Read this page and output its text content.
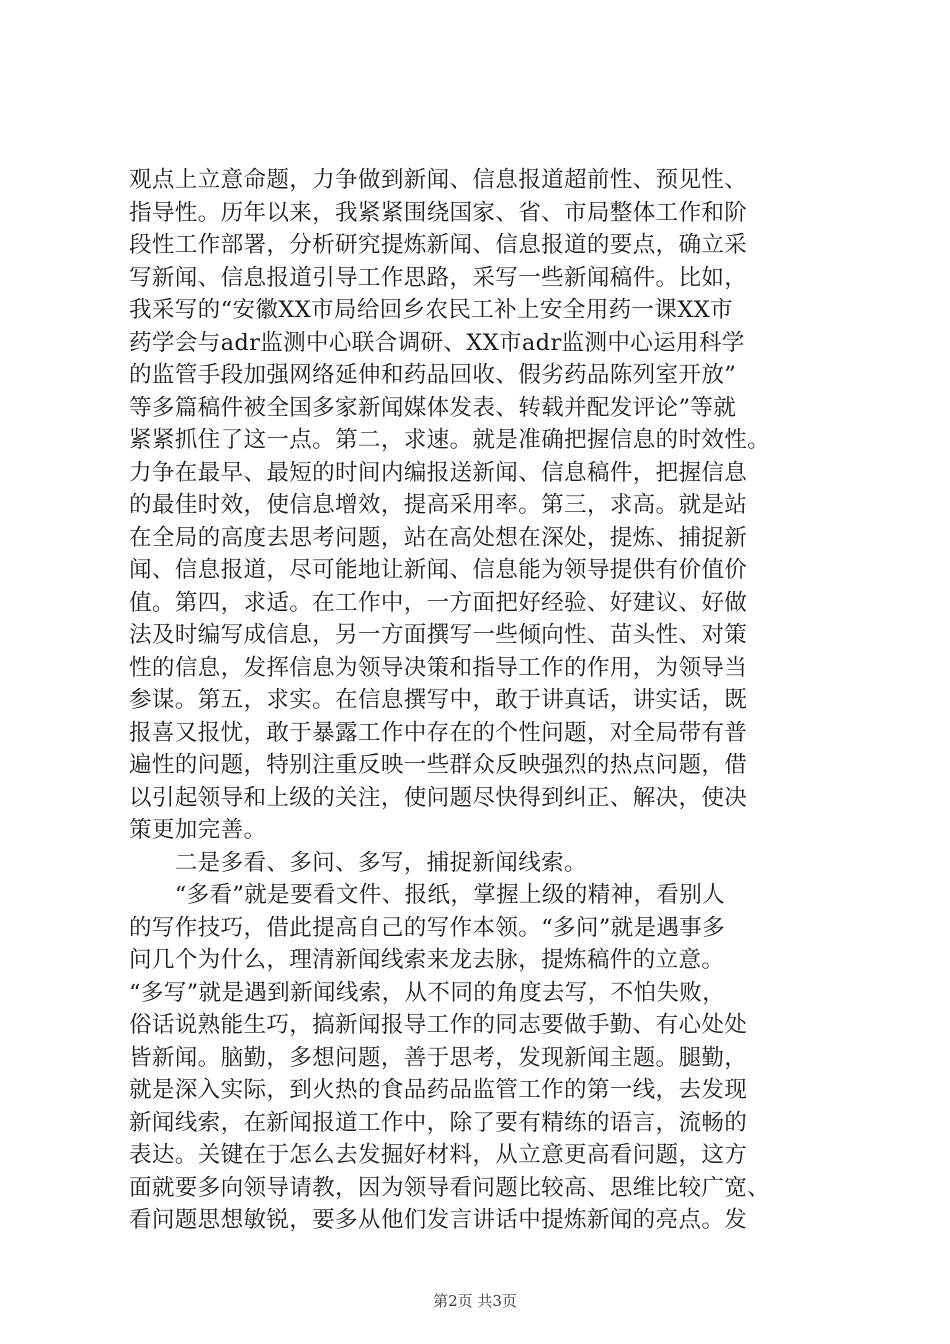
观点上立意命题，力争做到新闻、信息报道超前性、预见性、
指导性。历年以来，我紧紧围绕国家、省、市局整体工作和阶
段性工作部署，分析研究提炼新闻、信息报道的要点，确立采
写新闻、信息报道引导工作思路，采写一些新闻稿件。比如，
我采写的“安徽XX市局给回乡农民工补上安全用药一课XX市
药学会与adr监测中心联合调研、XX市adr监测中心运用科学
的监管手段加强网络延伸和药品回收、假劣药品陈列室开放”
等多篇稿件被全国多家新闻媒体发表、转载并配发评论”等就
紧紧抓住了这一点。第二，求速。就是准确把握信息的时效性。
力争在最早、最短的时间内编报送新闻、信息稿件，把握信息
的最佳时效，使信息增效，提高采用率。第三，求高。就是站
在全局的高度去思考问题，站在高处想在深处，提炼、捕捉新
闻、信息报道，尽可能地让新闻、信息能为领导提供有价值价
值。第四，求适。在工作中，一方面把好经验、好建议、好做
法及时编写成信息，另一方面撰写一些倾向性、苗头性、对策
性的信息，发挥信息为领导决策和指导工作的作用，为领导当
参谋。第五，求实。在信息撰写中，敢于讲真话，讲实话，既
报喜又报忧，敢于暴露工作中存在的个性问题，对全局带有普
遍性的问题，特别注重反映一些群众反映强烈的热点问题，借
以引起领导和上级的关注，使问题尽快得到纠正、解决，使决
策更加完善。
　　二是多看、多问、多写，捕捉新闻线索。
　　“多看”就是要看文件、报纸，掌握上级的精神，看别人
的写作技巧，借此提高自己的写作本领。“多问”就是遇事多
问几个为什么，理清新闻线索来龙去脉，提炼稿件的立意。
“多写”就是遇到新闻线索，从不同的角度去写，不怕失败，
俗话说熟能生巧，搞新闻报导工作的同志要做手勤、有心处处
皆新闻。脑勤，多想问题，善于思考，发现新闻主题。腿勤，
就是深入实际，到火热的食品药品监管工作的第一线，去发现
新闻线索，在新闻报道工作中，除了要有精练的语言，流畅的
表达。关键在于怎么去发掘好材料，从立意更高看问题，这方
面就要多向领导请教，因为领导看问题比较高、思维比较广宽、
看问题思想敏锐，要多从他们发言讲话中提炼新闻的亮点。发
第2页 共3页
